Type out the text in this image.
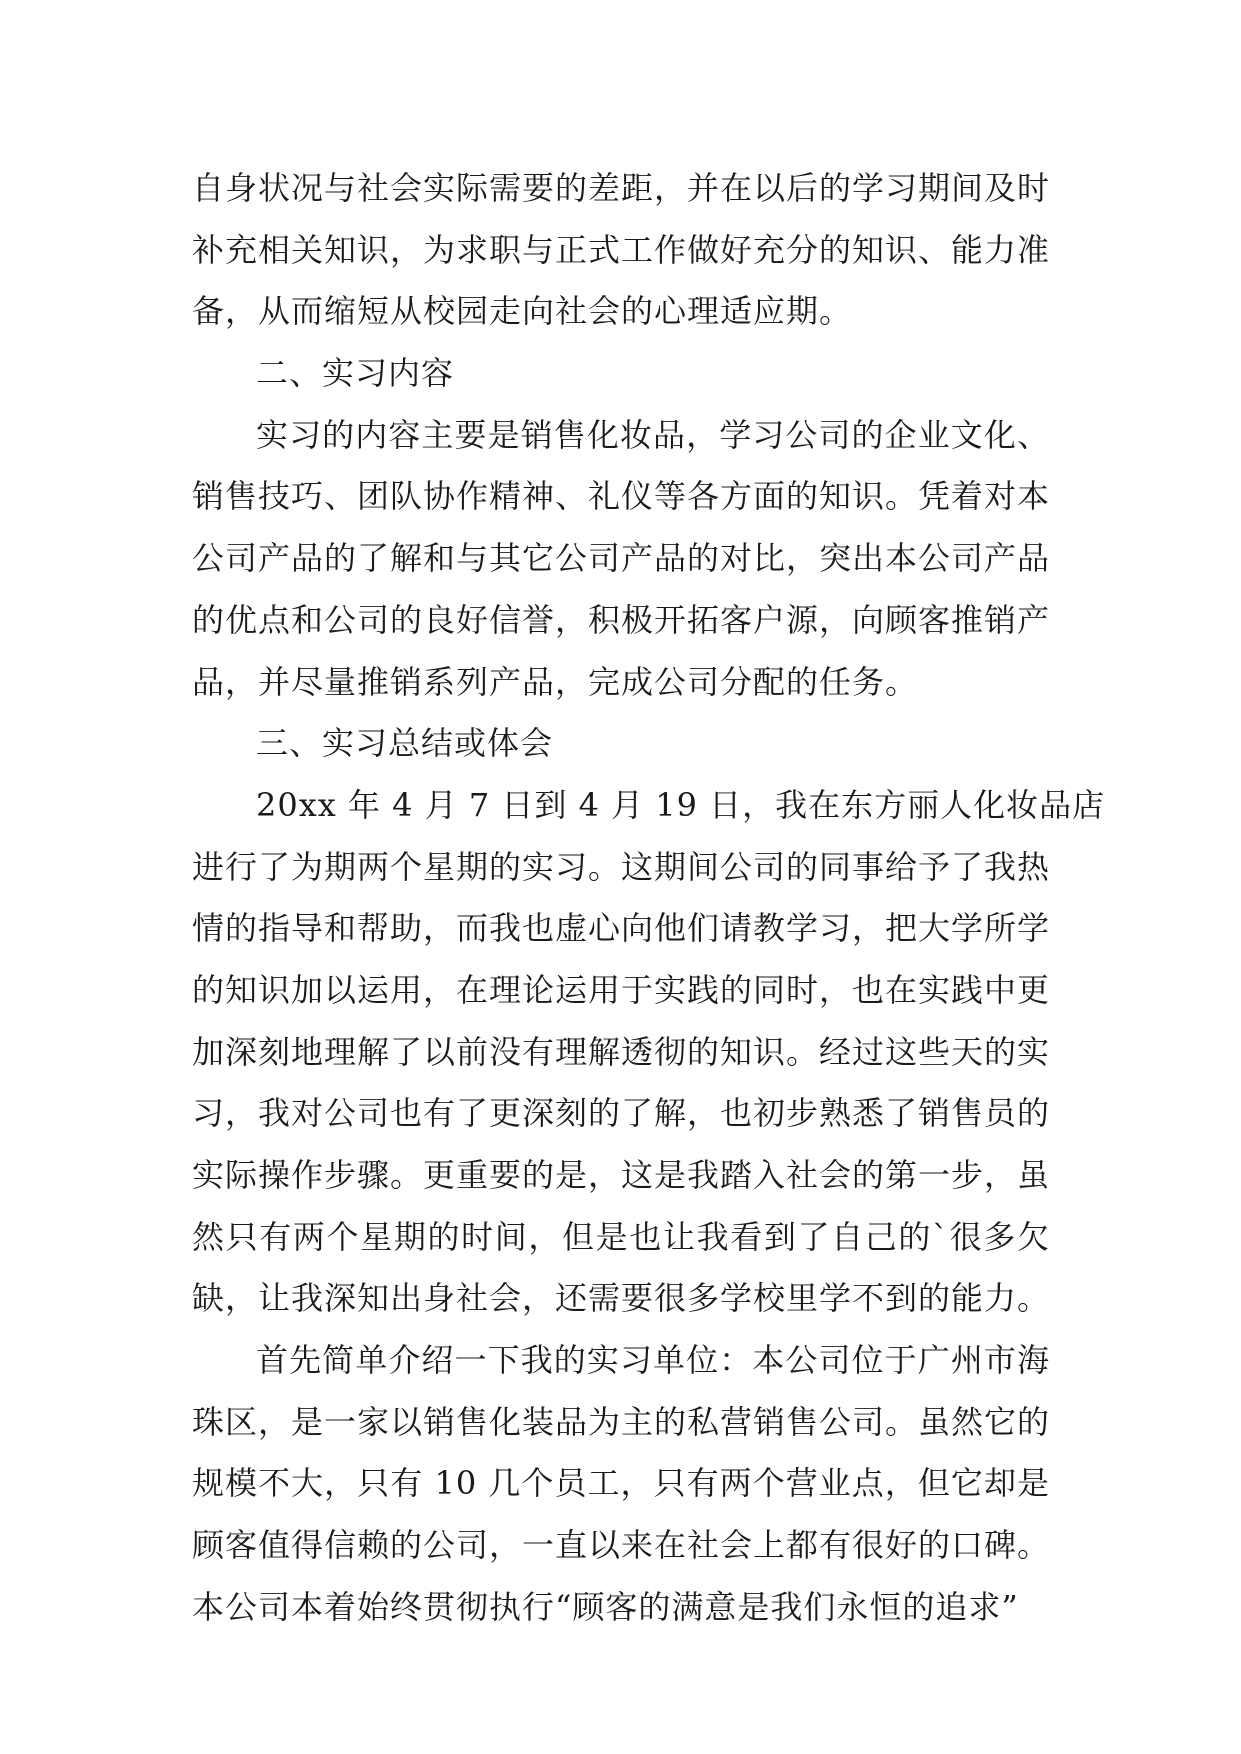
自身状况与社会实际需要的差距，并在以后的学习期间及时
补充相关知识，为求职与正式工作做好充分的知识、能力准
备，从而缩短从校园走向社会的心理适应期。
二、实习内容
实习的内容主要是销售化妆品，学习公司的企业文化、
销售技巧、团队协作精神、礼仪等各方面的知识。凭着对本
公司产品的了解和与其它公司产品的对比，突出本公司产品
的优点和公司的良好信誉，积极开拓客户源，向顾客推销产
品，并尽量推销系列产品，完成公司分配的任务。
三、实习总结或体会
20xx 年 4 月 7 日到 4 月 19 日，我在东方丽人化妆品店
进行了为期两个星期的实习。这期间公司的同事给予了我热
情的指导和帮助，而我也虚心向他们请教学习，把大学所学
的知识加以运用，在理论运用于实践的同时，也在实践中更
加深刻地理解了以前没有理解透彻的知识。经过这些天的实
习，我对公司也有了更深刻的了解，也初步熟悉了销售员的
实际操作步骤。更重要的是，这是我踏入社会的第一步，虽
然只有两个星期的时间，但是也让我看到了自己的`很多欠
缺，让我深知出身社会，还需要很多学校里学不到的能力。
首先简单介绍一下我的实习单位：本公司位于广州市海
珠区，是一家以销售化装品为主的私营销售公司。虽然它的
规模不大，只有 10 几个员工，只有两个营业点，但它却是
顾客值得信赖的公司，一直以来在社会上都有很好的口碑。
本公司本着始终贯彻执行“顾客的满意是我们永恒的追求”
